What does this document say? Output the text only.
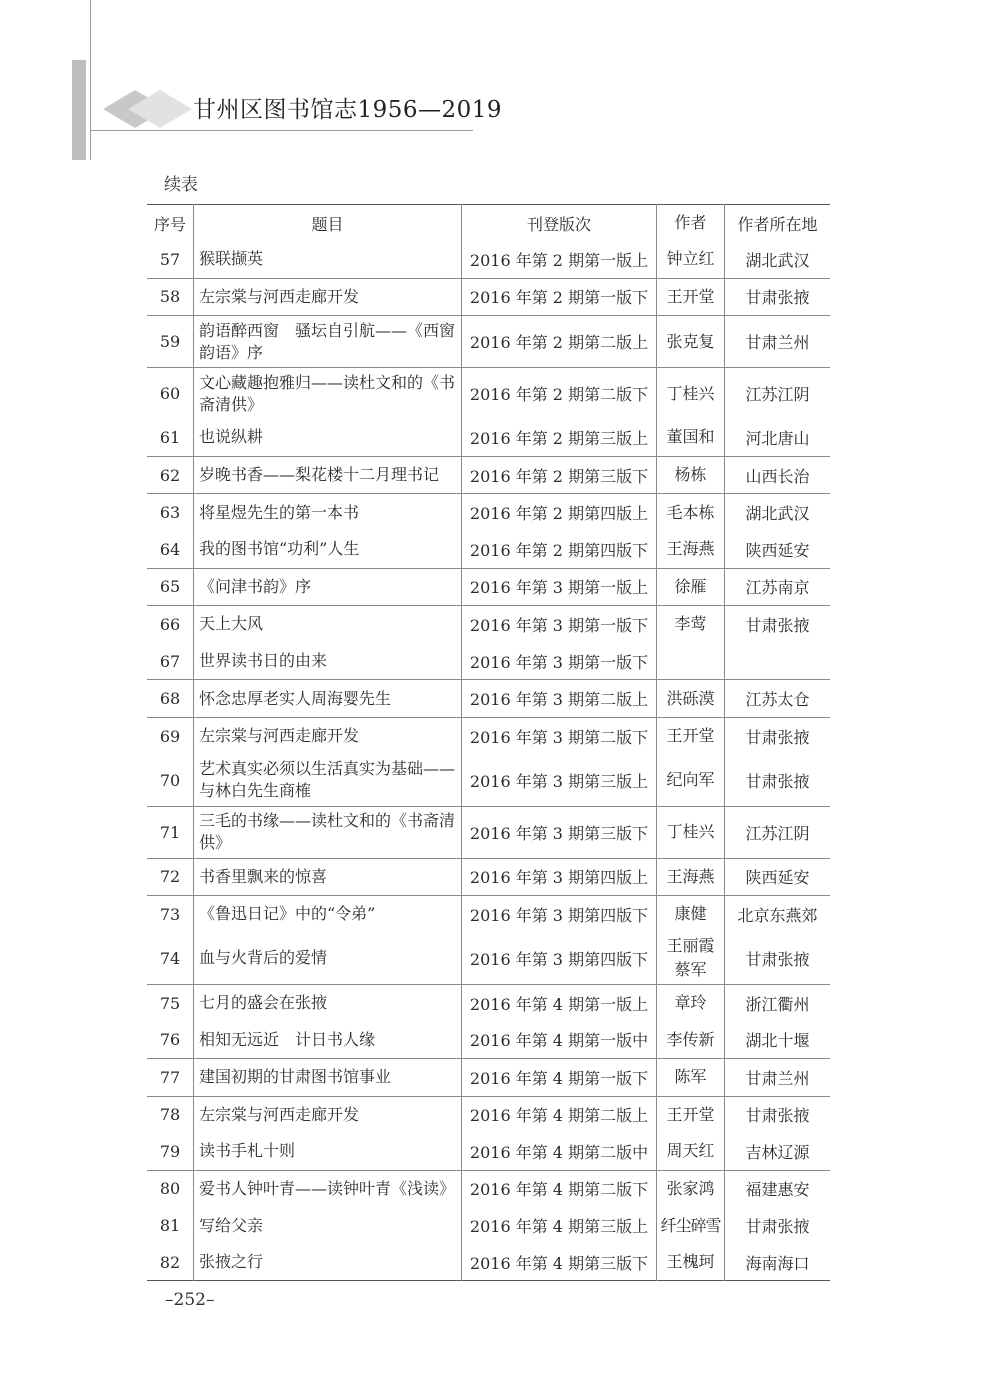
甘州区图书馆志1956—2019
续表
序号	题目	刊登版次	作者	作者所在地
57	猴联撷英	2016 年第 2 期第一版上	钟立红	湖北武汉
58	左宗棠与河西走廊开发	2016 年第 2 期第一版下	王开堂	甘肃张掖
59	韵语醉西窗　骚坛自引航——《西窗韵语》序	2016 年第 2 期第二版上	张克复	甘肃兰州
60	文心藏趣抱雅归——读杜文和的《书斋清供》	2016 年第 2 期第二版下	丁桂兴	江苏江阴
61	也说纵耕	2016 年第 2 期第三版上	董国和	河北唐山
62	岁晚书香——梨花楼十二月理书记	2016 年第 2 期第三版下	杨栋	山西长治
63	将星煜先生的第一本书	2016 年第 2 期第四版上	毛本栋	湖北武汉
64	我的图书馆“功利”人生	2016 年第 2 期第四版下	王海燕	陕西延安
65	《问津书韵》序	2016 年第 3 期第一版上	徐雁	江苏南京
66	天上大风	2016 年第 3 期第一版下	李莺	甘肃张掖
67	世界读书日的由来	2016 年第 3 期第一版下		
68	怀念忠厚老实人周海婴先生	2016 年第 3 期第二版上	洪砾漠	江苏太仓
69	左宗棠与河西走廊开发	2016 年第 3 期第二版下	王开堂	甘肃张掖
70	艺术真实必须以生活真实为基础——与林白先生商榷	2016 年第 3 期第三版上	纪向军	甘肃张掖
71	三毛的书缘——读杜文和的《书斋清供》	2016 年第 3 期第三版下	丁桂兴	江苏江阴
72	书香里飘来的惊喜	2016 年第 3 期第四版上	王海燕	陕西延安
73	《鲁迅日记》中的“令弟”	2016 年第 3 期第四版下	康健	北京东燕郊
74	血与火背后的爱情	2016 年第 3 期第四版下	王丽霞 蔡军	甘肃张掖
75	七月的盛会在张掖	2016 年第 4 期第一版上	章玲	浙江衢州
76	相知无远近　计日书人缘	2016 年第 4 期第一版中	李传新	湖北十堰
77	建国初期的甘肃图书馆事业	2016 年第 4 期第一版下	陈军	甘肃兰州
78	左宗棠与河西走廊开发	2016 年第 4 期第二版上	王开堂	甘肃张掖
79	读书手札十则	2016 年第 4 期第二版中	周天红	吉林辽源
80	爱书人钟叶青——读钟叶青《浅读》	2016 年第 4 期第二版下	张家鸿	福建惠安
81	写给父亲	2016 年第 4 期第三版上	纤尘碎雪	甘肃张掖
82	张掖之行	2016 年第 4 期第三版下	王槐珂	海南海口
–252–
